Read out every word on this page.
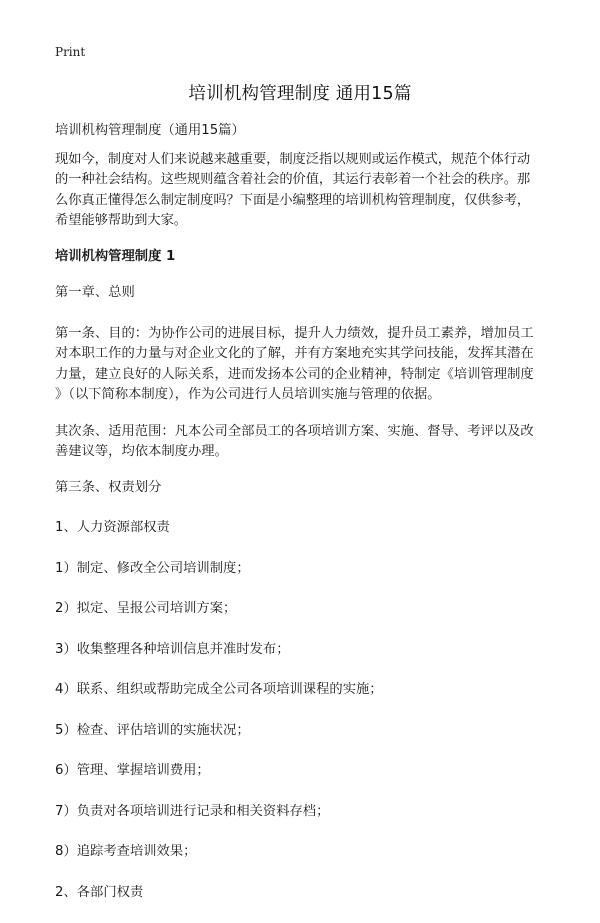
Print
培训机构管理制度 通用15篇

培训机构管理制度（通用15篇）

现如今，制度对人们来说越来越重要，制度泛指以规则或运作模式，规范个体行动

的一种社会结构。这些规则蕴含着社会的价值，其运行表彰着一个社会的秩序。那

么你真正懂得怎么制定制度吗？下面是小编整理的培训机构管理制度，仅供参考，

希望能够帮助到大家。

培训机构管理制度 1

第一章、总则

第一条、目的：为协作公司的进展目标，提升人力绩效，提升员工素养，增加员工

对本职工作的力量与对企业文化的了解，并有方案地充实其学问技能，发挥其潜在

力量，建立良好的人际关系，进而发扬本公司的企业精神，特制定《培训管理制度

》（以下简称本制度），作为公司进行人员培训实施与管理的依据。

其次条、适用范围：凡本公司全部员工的各项培训方案、实施、督导、考评以及改

善建议等，均依本制度办理。

第三条、权责划分

1、人力资源部权责

1）制定、修改全公司培训制度；

2）拟定、呈报公司培训方案；

3）收集整理各种培训信息并准时发布；

4）联系、组织或帮助完成全公司各项培训课程的实施；

5）检查、评估培训的实施状况；

6）管理、掌握培训费用；

7）负责对各项培训进行记录和相关资料存档；

8）追踪考查培训效果；

2、各部门权责
